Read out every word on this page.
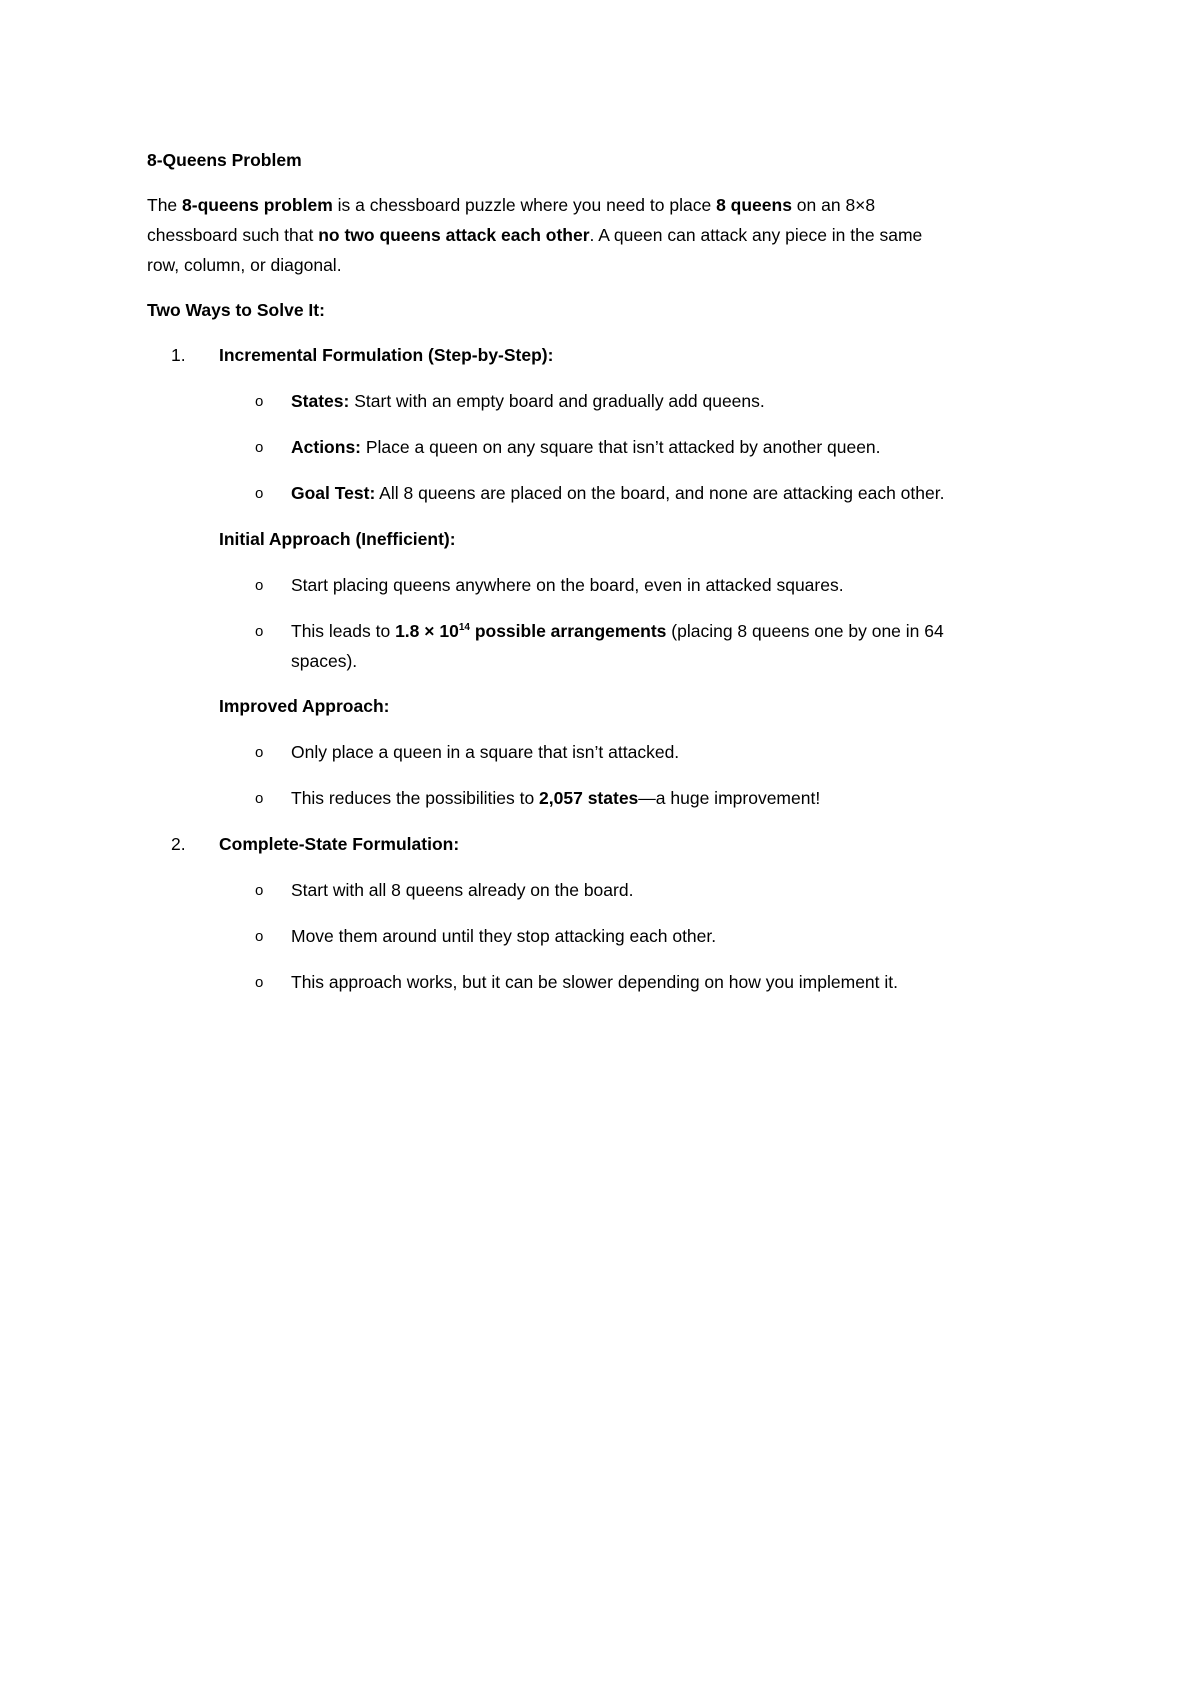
8-Queens Problem
The 8-queens problem is a chessboard puzzle where you need to place 8 queens on an 8×8
chessboard such that no two queens attack each other. A queen can attack any piece in the same
row, column, or diagonal.
Two Ways to Solve It:
1. Incremental Formulation (Step-by-Step):
o States: Start with an empty board and gradually add queens.
o Actions: Place a queen on any square that isn’t attacked by another queen.
o Goal Test: All 8 queens are placed on the board, and none are attacking each other.
Initial Approach (Inefficient):
o Start placing queens anywhere on the board, even in attacked squares.
o This leads to $1.8 \times 10^{14}$ possible arrangements (placing 8 queens one by one in 64
spaces).
Improved Approach:
o Only place a queen in a square that isn’t attacked.
o This reduces the possibilities to 2,057 states—a huge improvement!
2. Complete-State Formulation:
o Start with all 8 queens already on the board.
o Move them around until they stop attacking each other.
o This approach works, but it can be slower depending on how you implement it.
